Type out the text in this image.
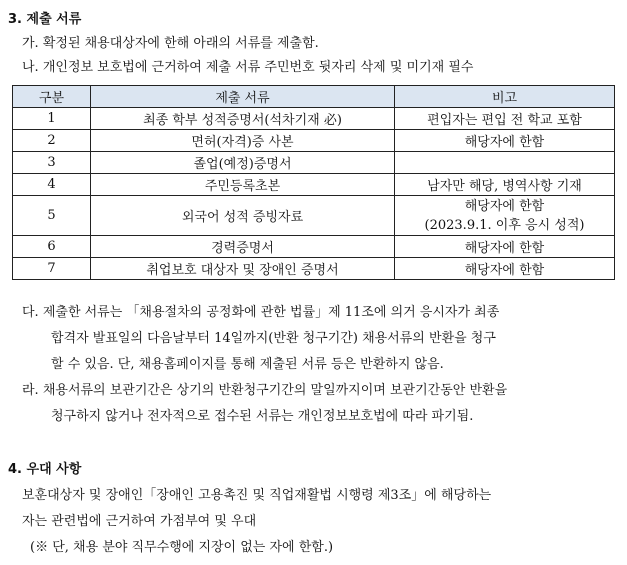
3. 제출 서류
가. 확정된 채용대상자에 한해 아래의 서류를 제출함.
나. 개인정보 보호법에 근거하여 제출 서류 주민번호 뒷자리 삭제 및 미기재 필수
구분	제출 서류	비고
1	최종 학부 성적증명서(석차기재 必)	편입자는 편입 전 학교 포함
2	면허(자격)증 사본	해당자에 한함
3	졸업(예정)증명서	
4	주민등록초본	남자만 해당, 병역사항 기재
5	외국어 성적 증빙자료	해당자에 한함
(2023.9.1. 이후 응시 성적)

6	경력증명서	해당자에 한함
7	취업보호 대상자 및 장애인 증명서	해당자에 한함
다. 제출한 서류는 「채용절차의 공정화에 관한 법률」제 11조에 의거 응시자가 최종
합격자 발표일의 다음날부터 14일까지(반환 청구기간) 채용서류의 반환을 청구
할 수 있음. 단, 채용홈페이지를 통해 제출된 서류 등은 반환하지 않음.
라. 채용서류의 보관기간은 상기의 반환청구기간의 말일까지이며 보관기간동안 반환을
청구하지 않거나 전자적으로 접수된 서류는 개인정보보호법에 따라 파기됨.
4. 우대 사항
보훈대상자 및 장애인「장애인 고용촉진 및 직업재활법 시행령 제3조」에 해당하는
자는 관련법에 근거하여 가점부여 및 우대
(※ 단, 채용 분야 직무수행에 지장이 없는 자에 한함.)
